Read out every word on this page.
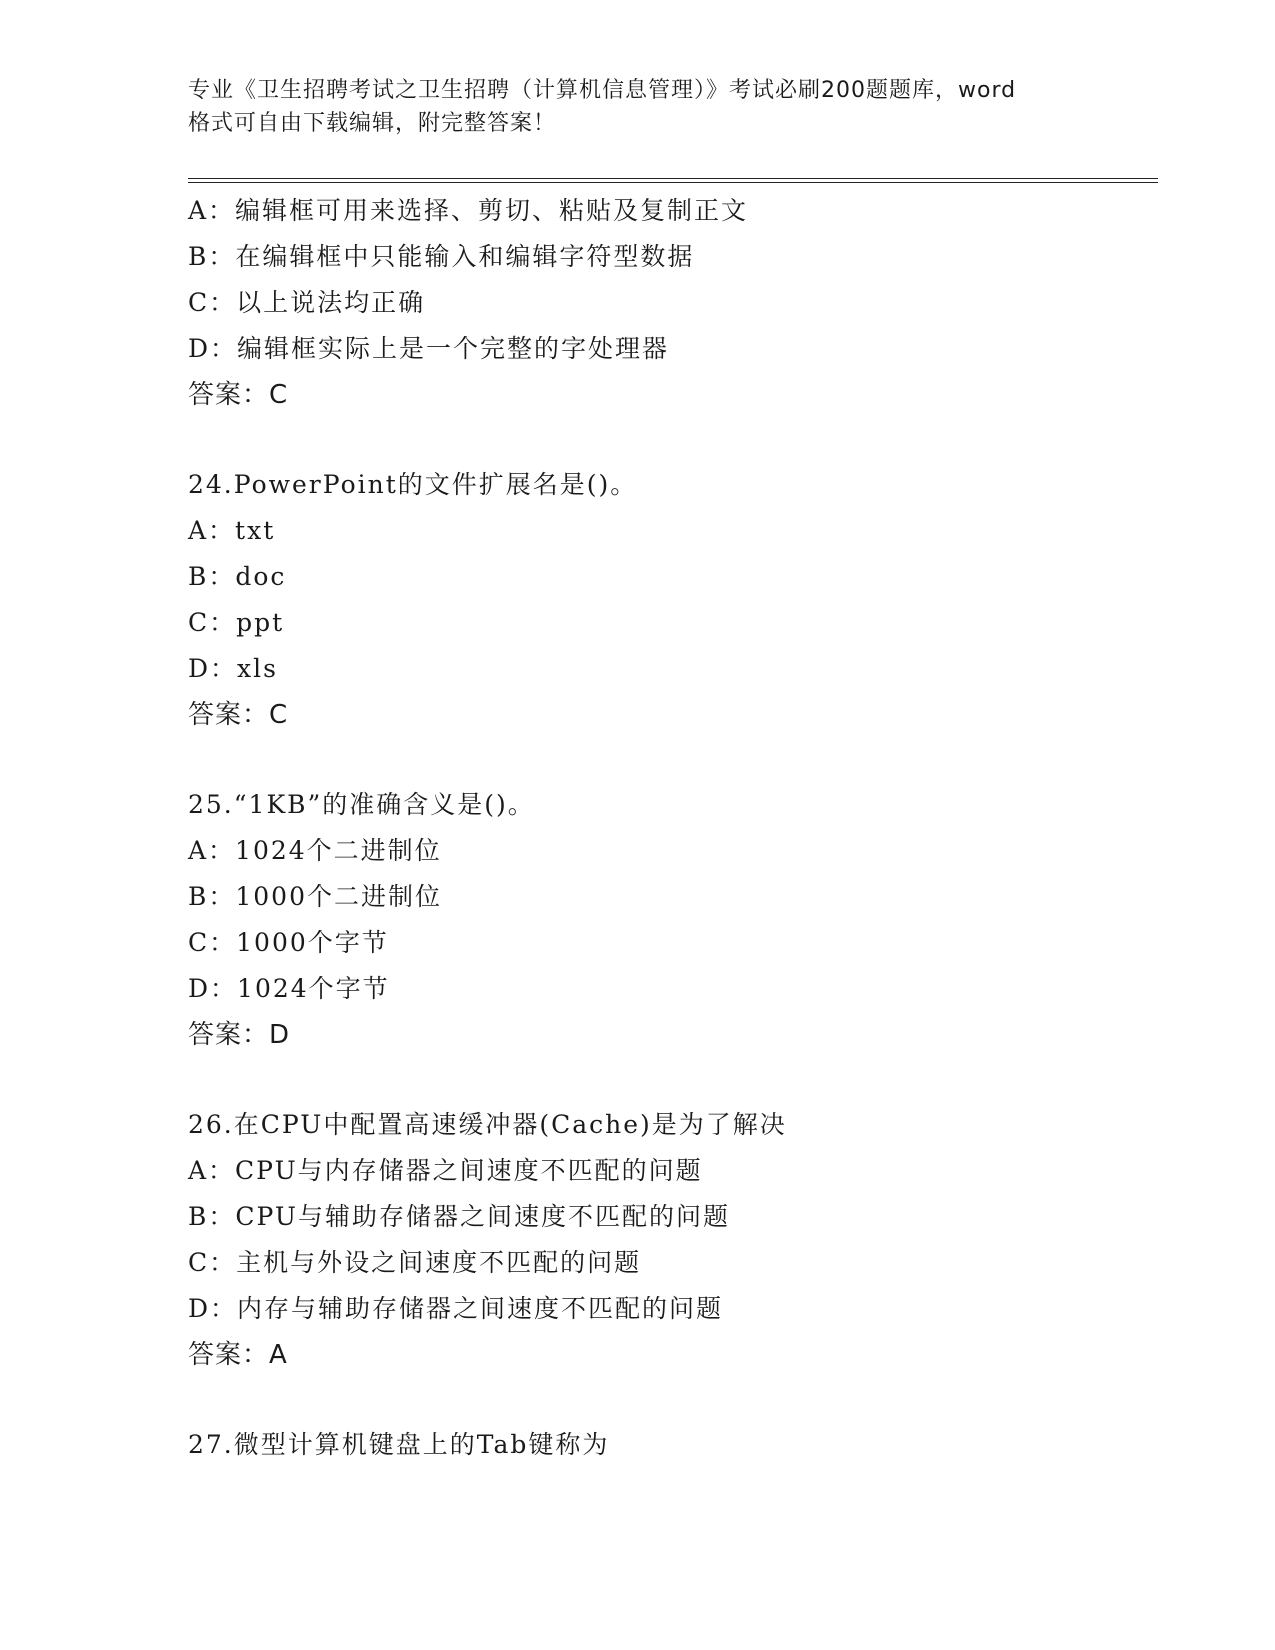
专业《卫生招聘考试之卫生招聘（计算机信息管理）》考试必刷200题题库，word
格式可自由下载编辑，附完整答案！
A：编辑框可用来选择、剪切、粘贴及复制正文
B：在编辑框中只能输入和编辑字符型数据
C：以上说法均正确
D：编辑框实际上是一个完整的字处理器
答案：C
24.PowerPoint的文件扩展名是()。
A：txt
B：doc
C：ppt
D：xls
答案：C
25.“1KB”的准确含义是()。
A：1024个二进制位
B：1000个二进制位
C：1000个字节
D：1024个字节
答案：D
26.在CPU中配置高速缓冲器(Cache)是为了解决
A：CPU与内存储器之间速度不匹配的问题
B：CPU与辅助存储器之间速度不匹配的问题
C：主机与外设之间速度不匹配的问题
D：内存与辅助存储器之间速度不匹配的问题
答案：A
27.微型计算机键盘上的Tab键称为
